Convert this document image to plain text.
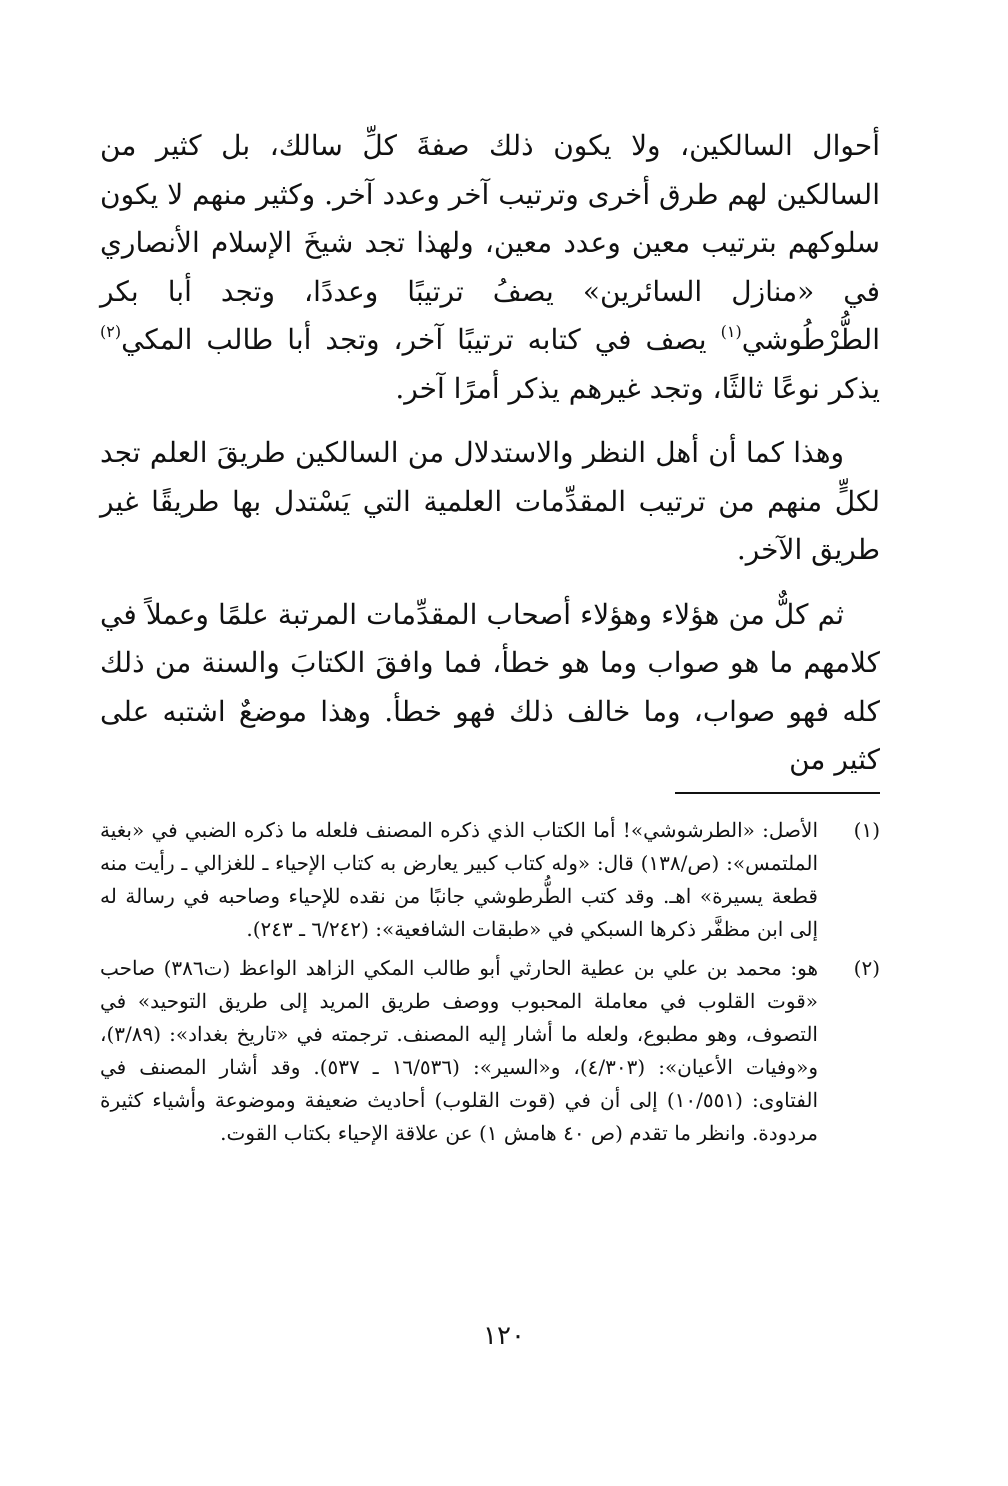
أحوال السالكين، ولا يكون ذلك صفةَ كلِّ سالك، بل كثير من السالكين لهم طرق أخرى وترتيب آخر وعدد آخر. وكثير منهم لا يكون سلوكهم بترتيب معين وعدد معين، ولهذا تجد شيخَ الإسلام الأنصاري في «منازل السائرين» يصفُ ترتيبًا وعددًا، وتجد أبا بكر الطُّرْطُوشي$^{(١)}$ يصف في كتابه ترتيبًا آخر، وتجد أبا طالب المكي$^{(٢)}$ يذكر نوعًا ثالثًا، وتجد غيرهم يذكر أمرًا آخر.

وهذا كما أن أهل النظر والاستدلال من السالكين طريقَ العلم تجد لكلٍّ منهم من ترتيب المقدِّمات العلمية التي يَسْتدل بها طريقًا غير طريق الآخر.

ثم كلٌّ من هؤلاء وهؤلاء أصحاب المقدِّمات المرتبة علمًا وعملاً في كلامهم ما هو صواب وما هو خطأ، فما وافقَ الكتابَ والسنة من ذلك كله فهو صواب، وما خالف ذلك فهو خطأ. وهذا موضعٌ اشتبه على كثير من

(١)
الأصل: «الطرشوشي»! أما الكتاب الذي ذكره المصنف فلعله ما ذكره الضبي في «بغية الملتمس»: (ص/١٣٨) قال: «وله كتاب كبير يعارض به كتاب الإحياء ـ للغزالي ـ رأيت منه قطعة يسيرة» اهـ. وقد كتب الطُّرطوشي جانبًا من نقده للإحياء وصاحبه في رسالة له إلى ابن مظفَّر ذكرها السبكي في «طبقات الشافعية»: (٦/٢٤٢ ـ ٢٤٣).
(٢)
هو: محمد بن علي بن عطية الحارثي أبو طالب المكي الزاهد الواعظ (ت٣٨٦) صاحب «قوت القلوب في معاملة المحبوب ووصف طريق المريد إلى طريق التوحيد» في التصوف، وهو مطبوع، ولعله ما أشار إليه المصنف. ترجمته في «تاريخ بغداد»: (٣/٨٩)، و«وفيات الأعيان»: (٤/٣٠٣)، و«السير»: (١٦/٥٣٦ ـ ٥٣٧). وقد أشار المصنف في الفتاوى: (١٠/٥٥١) إلى أن في (قوت القلوب) أحاديث ضعيفة وموضوعة وأشياء كثيرة مردودة. وانظر ما تقدم (ص ٤٠ هامش ١) عن علاقة الإحياء بكتاب القوت.
١٢٠
